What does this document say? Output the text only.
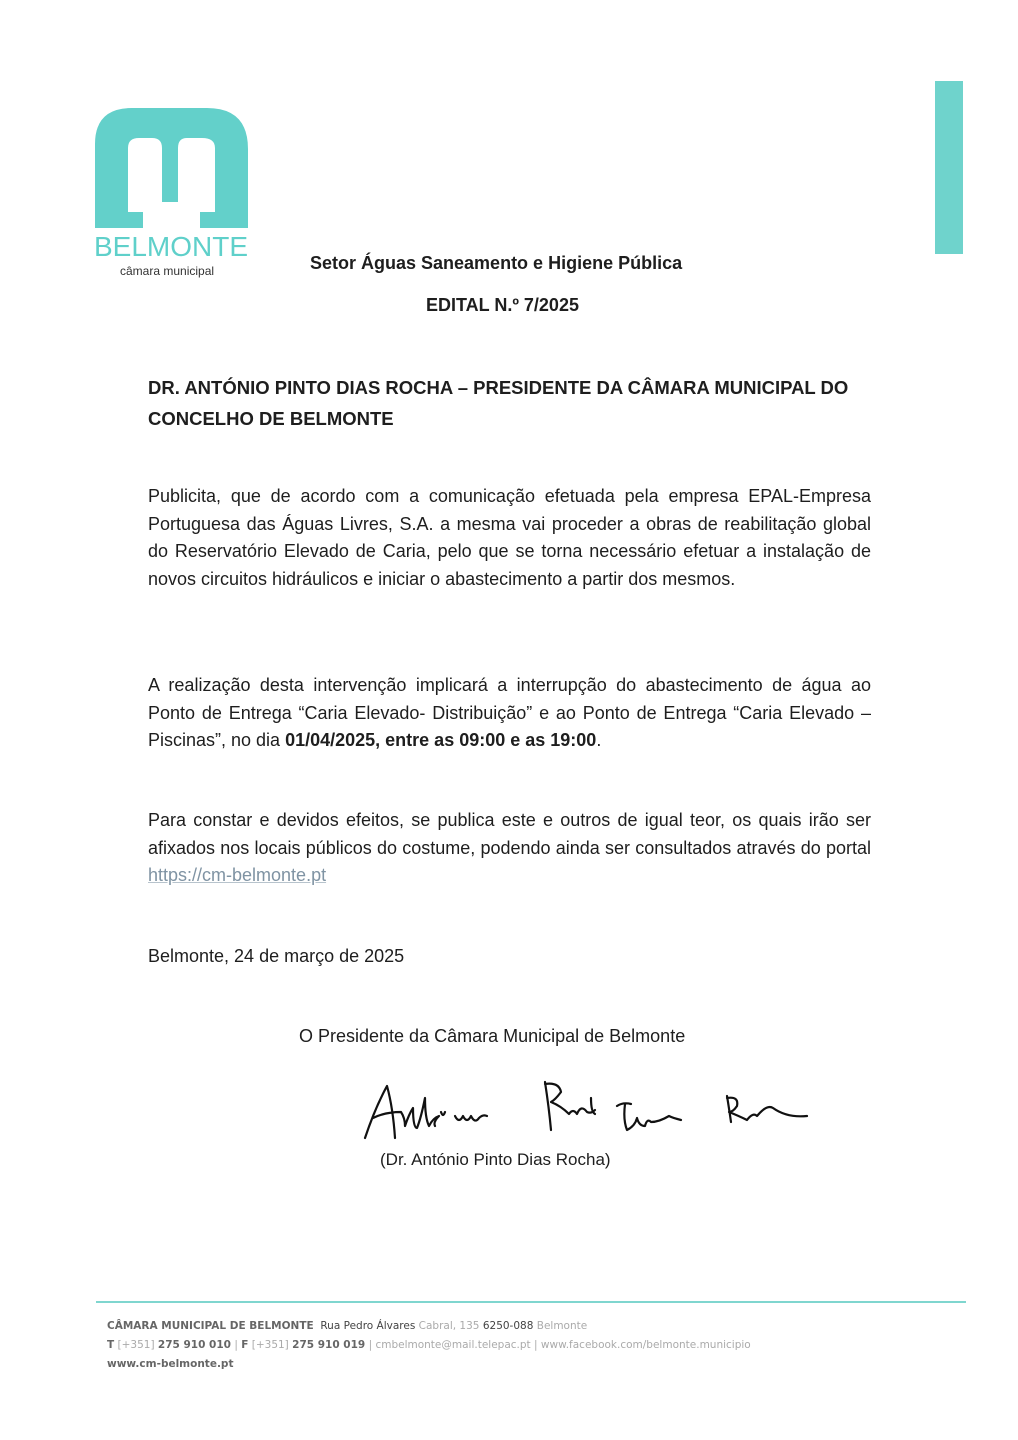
BELMONTE
câmara municipal	Setor Águas Saneamento e Higiene Pública
EDITAL N.º 7/2025
DR. ANTÓNIO PINTO DIAS ROCHA – PRESIDENTE DA CÂMARA MUNICIPAL DO CONCELHO DE BELMONTE

Publicita, que de acordo com a comunicação efetuada pela empresa EPAL-Empresa Portuguesa das Águas Livres, S.A. a mesma vai proceder a obras de reabilitação global do Reservatório Elevado de Caria, pelo que se torna necessário efetuar a instalação de novos circuitos hidráulicos e iniciar o abastecimento a partir dos mesmos.

A realização desta intervenção implicará a interrupção do abastecimento de água ao Ponto de Entrega “Caria Elevado- Distribuição” e ao Ponto de Entrega “Caria Elevado – Piscinas”, no dia 01/04/2025, entre as 09:00 e as 19:00.

Para constar e devidos efeitos, se publica este e outros de igual teor, os quais irão ser afixados nos locais públicos do costume, podendo ainda ser consultados através do portal https://cm-belmonte.pt

Belmonte, 24 de março de 2025
O Presidente da Câmara Municipal de Belmonte
(Dr. António Pinto Dias Rocha)
CÂMARA MUNICIPAL DE BELMONTE Rua Pedro Álvares Cabral, 135 6250-088 Belmonte
T [+351] 275 910 010 | F [+351] 275 910 019 | cmbelmonte@mail.telepac.pt | www.facebook.com/belmonte.municipio
www.cm-belmonte.pt
